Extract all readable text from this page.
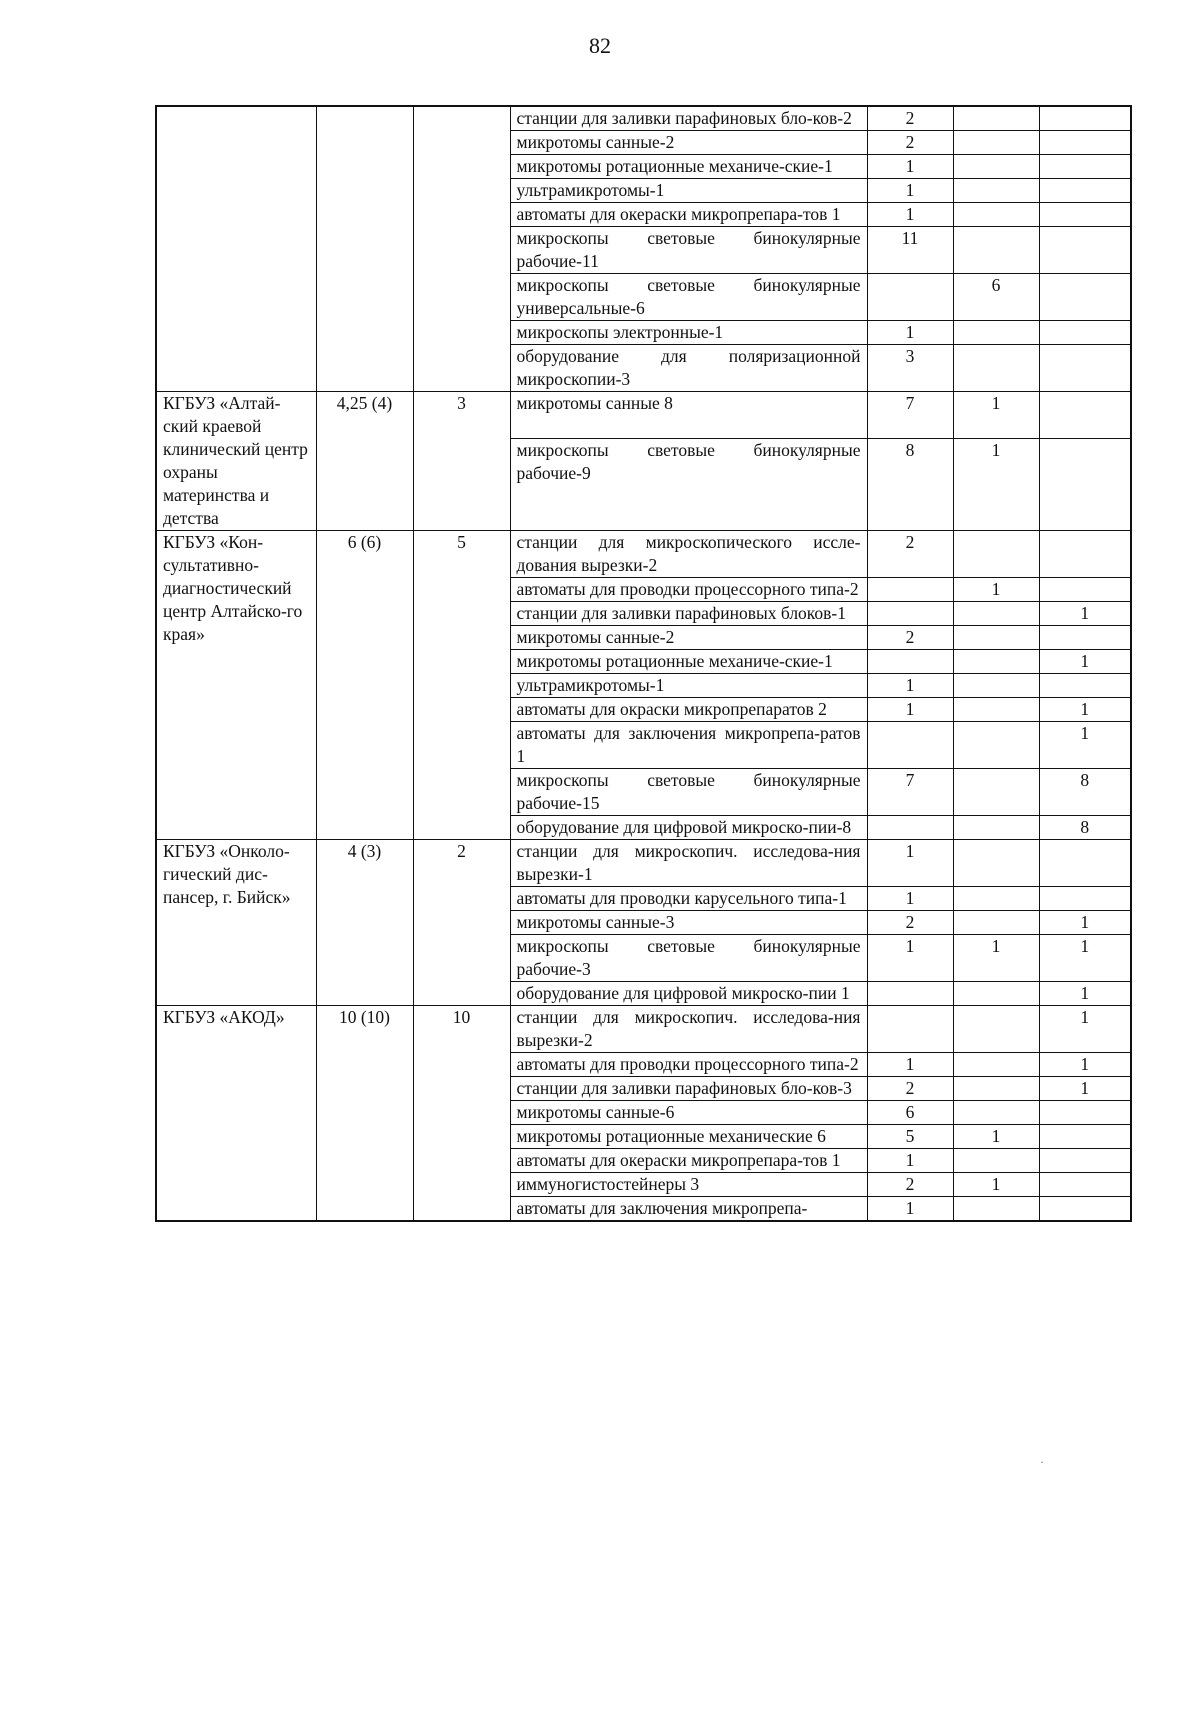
82
			станции для заливки парафиновых бло-ков-2	2		
			микротомы санные-2	2		
			микротомы ротационные механиче-ские-1	1		
			ультрамикротомы-1	1		
			автоматы для окераски микропрепара-тов 1	1		
			микроскопы световые бинокулярные рабочие-11	11		
			микроскопы световые бинокулярные универсальные-6		6	
			микроскопы электронные-1	1		
			оборудование для поляризационной микроскопии-3	3		
КГБУЗ «Алтай-ский краевой клинический центр охраны материнства и детства	4,25 (4)	3	микротомы санные 8	7	1	
			микроскопы световые бинокулярные рабочие-9	8	1	
КГБУЗ «Кон-сультативно-диагностический центр Алтайско-го края»	6 (6)	5	станции для микроскопического иссле-дования вырезки-2	2		
			автоматы для проводки процессорного типа-2		1	
			станции для заливки парафиновых блоков-1			1
			микротомы санные-2	2		
			микротомы ротационные механиче-ские-1			1
			ультрамикротомы-1	1		
			автоматы для окраски микропрепаратов 2	1		1
			автоматы для заключения микропрепа-ратов 1			1
			микроскопы световые бинокулярные рабочие-15	7		8
			оборудование для цифровой микроско-пии-8			8
КГБУЗ «Онколо-гический дис-пансер, г. Бийск»	4 (3)	2	станции для микроскопич. исследова-ния вырезки-1	1		
			автоматы для проводки карусельного типа-1	1		
			микротомы санные-3	2		1
			микроскопы световые бинокулярные рабочие-3	1	1	1
			оборудование для цифровой микроско-пии 1			1
КГБУЗ «АКОД»	10 (10)	10	станции для микроскопич. исследова-ния вырезки-2			1
			автоматы для проводки процессорного типа-2	1		1
			станции для заливки парафиновых бло-ков-3	2		1
			микротомы санные-6	6		
			микротомы ротационные механические 6	5	1	
			автоматы для окераски микропрепара-тов 1	1		
			иммуногистостейнеры 3	2	1	
			автоматы для заключения микропрепа-	1		
·
